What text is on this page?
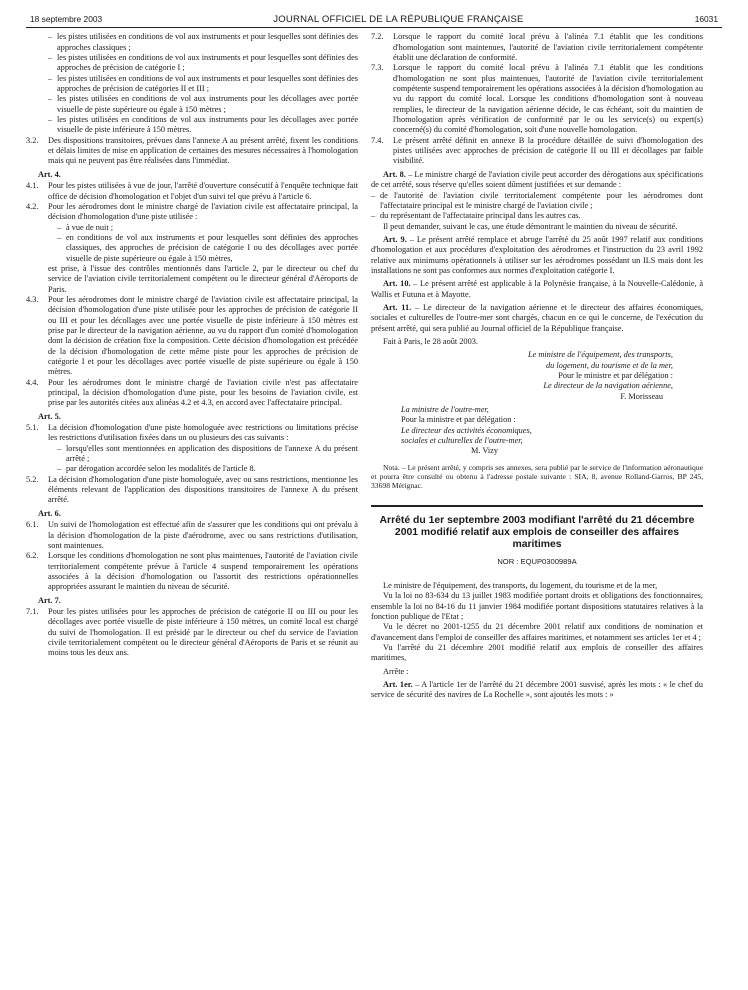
18 septembre 2003	JOURNAL OFFICIEL DE LA RÉPUBLIQUE FRANÇAISE	16031
– les pistes utilisées en conditions de vol aux instruments et pour lesquelles sont définies des approches classiques ;
– les pistes utilisées en conditions de vol aux instruments et pour lesquelles sont définies des approches de précision de catégorie I ;
– les pistes utilisées en conditions de vol aux instruments et pour lesquelles sont définies des approches de précision de catégories II et III ;
– les pistes utilisées en conditions de vol aux instruments pour les décollages avec portée visuelle de piste supérieure ou égale à 150 mètres ;
– les pistes utilisées en conditions de vol aux instruments pour les décollages avec portée visuelle de piste inférieure à 150 mètres.
3.2.	Des dispositions transitoires, prévues dans l'annexe A au présent arrêté, fixent les conditions et délais limites de mise en application de certaines des mesures nécessaires à l'homologation mais qui ne peuvent pas être réalisées dans l'immédiat.
Art. 4.
4.1.	Pour les pistes utilisées à vue de jour, l'arrêté d'ouverture consécutif à l'enquête technique fait office de décision d'homologation et l'objet d'un suivi tel que prévu à l'article 6.
4.2.	Pour les aérodromes dont le ministre chargé de l'aviation civile est affectataire principal, la décision d'homologation d'une piste utilisée :
– à vue de nuit ;
– en conditions de vol aux instruments et pour lesquelles sont définies des approches classiques, des approches de précision de catégorie I ou des décollages avec portée visuelle de piste supérieure ou égale à 150 mètres,

est prise, à l'issue des contrôles mentionnés dans l'article 2, par le directeur ou chef du service de l'aviation civile territorialement compétent ou le directeur général d'Aéroports de Paris.

4.3.	Pour les aérodromes dont le ministre chargé de l'aviation civile est affectataire principal, la décision d'homologation d'une piste utilisée pour les approches de précision de catégorie II ou III et pour les décollages avec une portée visuelle de piste inférieure à 150 mètres est prise par le directeur de la navigation aérienne, au vu du rapport d'un comité d'homologation dont la décision de création fixe la composition. Cette décision d'homologation est précédée de la décision d'homologation de cette même piste pour les approches de précision de catégorie I et pour les décollages avec portée visuelle de piste supérieure ou égale à 150 mètres.
4.4.	Pour les aérodromes dont le ministre chargé de l'aviation civile n'est pas affectataire principal, la décision d'homologation d'une piste, pour les besoins de l'aviation civile, est prise par les autorités citées aux alinéas 4.2 et 4.3, en accord avec l'affectataire principal.
Art. 5.
5.1.	La décision d'homologation d'une piste homologuée avec restrictions ou limitations précise les restrictions d'utilisation fixées dans un ou plusieurs des cas suivants :
– lorsqu'elles sont mentionnées en application des dispositions de l'annexe A du présent arrêté ;
– par dérogation accordée selon les modalités de l'article 8.
5.2.	La décision d'homologation d'une piste homologuée, avec ou sans restrictions, mentionne les éléments relevant de l'application des dispositions transitoires de l'annexe A du présent arrêté.
Art. 6.
6.1.	Un suivi de l'homologation est effectué afin de s'assurer que les conditions qui ont prévalu à la décision d'homologation de la piste d'aérodrome, avec ou sans restrictions d'utilisation, sont maintenues.
6.2.	Lorsque les conditions d'homologation ne sont plus maintenues, l'autorité de l'aviation civile territorialement compétente prévue à l'article 4 suspend temporairement les opérations associées à la décision d'homologation ou l'assortit des restrictions opérationnelles appropriées assurant le maintien du niveau de sécurité.
Art. 7.
7.1.	Pour les pistes utilisées pour les approches de précision de catégorie II ou III ou pour les décollages avec portée visuelle de piste inférieure à 150 mètres, un comité local est chargé du suivi de l'homologation. Il est présidé par le directeur ou chef du service de l'aviation civile territorialement compétent ou le directeur général d'Aéroports de Paris et se réunit au moins tous les deux ans.
7.2.	Lorsque le rapport du comité local prévu à l'alinéa 7.1 établit que les conditions d'homologation sont maintenues, l'autorité de l'aviation civile territorialement compétente établit une déclaration de conformité.
7.3.	Lorsque le rapport du comité local prévu à l'alinéa 7.1 établit que les conditions d'homologation ne sont plus maintenues, l'autorité de l'aviation civile territorialement compétente suspend temporairement les opérations associées à la décision d'homologation au vu du rapport du comité local. Lorsque les conditions d'homologation sont à nouveau remplies, le directeur de la navigation aérienne décide, le cas échéant, soit du maintien de l'homologation après vérification de conformité par le ou les service(s) ou expert(s) concerné(s) du comité d'homologation, soit d'une nouvelle homologation.
7.4.	Le présent arrêté définit en annexe B la procédure détaillée de suivi d'homologation des pistes utilisées avec approches de précision de catégorie II ou III et décollages par faible visibilité.

Art. 8. – Le ministre chargé de l'aviation civile peut accorder des dérogations aux spécifications de cet arrêté, sous réserve qu'elles soient dûment justifiées et sur demande :

– de l'autorité de l'aviation civile territorialement compétente pour les aérodromes dont l'affectataire principal est le ministre chargé de l'aviation civile ;
– du représentant de l'affectataire principal dans les autres cas.

Il peut demander, suivant le cas, une étude démontrant le maintien du niveau de sécurité.

Art. 9. – Le présent arrêté remplace et abroge l'arrêté du 25 août 1997 relatif aux conditions d'homologation et aux procédures d'exploitation des aérodromes et l'instruction du 23 avril 1992 relative aux minimums opérationnels à utiliser sur les aérodromes possédant un ILS mais dont les installations ne sont pas conformes aux normes d'exploitation catégorie I.

Art. 10. – Le présent arrêté est applicable à la Polynésie française, à la Nouvelle-Calédonie, à Wallis et Futuna et à Mayotte.

Art. 11. – Le directeur de la navigation aérienne et le directeur des affaires économiques, sociales et culturelles de l'outre-mer sont chargés, chacun en ce qui le concerne, de l'exécution du présent arrêté, qui sera publié au Journal officiel de la République française.

Fait à Paris, le 28 août 2003.

Le ministre de l'équipement, des transports,
du logement, du tourisme et de la mer,
Pour le ministre et par délégation :
Le directeur de la navigation aérienne,
F. Morisseau
La ministre de l'outre-mer,
Pour la ministre et par délégation :
Le directeur des activités économiques,
sociales et culturelles de l'outre-mer,
M. Vizy

Nota. – Le présent arrêté, y compris ses annexes, sera publié par le service de l'information aéronautique et pourra être consulté ou obtenu à l'adresse postale suivante : SIA, 8, avenue Rolland-Garros, BP 245, 33698 Mérignac.

Arrêté du 1er septembre 2003 modifiant l'arrêté du 21 décembre 2001 modifié relatif aux emplois de conseiller des affaires maritimes
NOR : EQUP0300989A

Le ministre de l'équipement, des transports, du logement, du tourisme et de la mer,

Vu la loi no 83-634 du 13 juillet 1983 modifiée portant droits et obligations des fonctionnaires, ensemble la loi no 84-16 du 11 janvier 1984 modifiée portant dispositions statutaires relatives à la fonction publique de l'Etat ;

Vu le décret no 2001-1255 du 21 décembre 2001 relatif aux conditions de nomination et d'avancement dans l'emploi de conseiller des affaires maritimes, et notamment ses articles 1er et 4 ;

Vu l'arrêté du 21 décembre 2001 modifié relatif aux emplois de conseiller des affaires maritimes,

Arrête :

Art. 1er. – A l'article 1er de l'arrêté du 21 décembre 2001 susvisé, après les mots : « le chef du service de sécurité des navires de La Rochelle », sont ajoutés les mots : »
